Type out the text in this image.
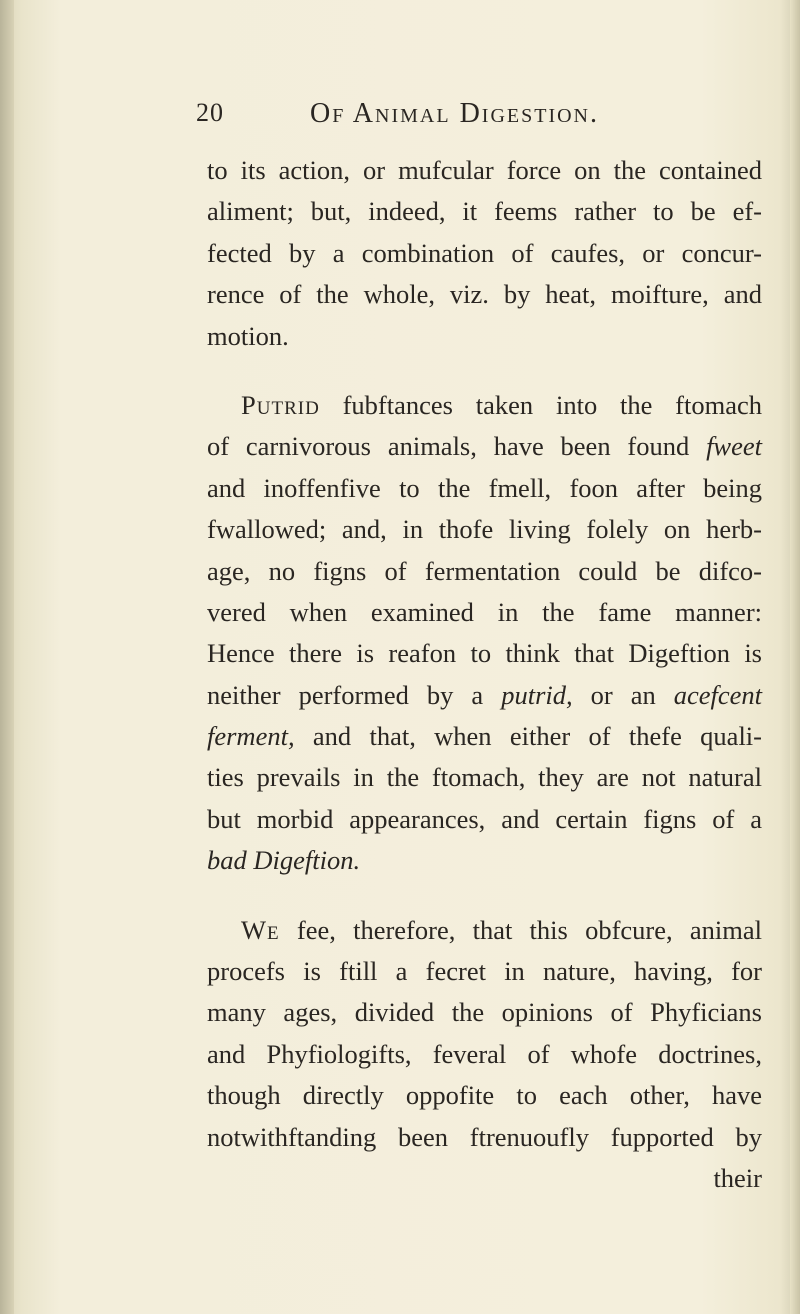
20	Of Animal Digestion.
to its action, or mufcular force on the contained
aliment; but, indeed, it feems rather to be ef-
fected by a combination of caufes, or concur-
rence of the whole, viz. by heat, moifture, and
motion.
Putrid fubftances taken into the ftomach
of carnivorous animals, have been found fweet
and inoffenfive to the fmell, foon after being
fwallowed; and, in thofe living folely on herb-
age, no figns of fermentation could be difco-
vered when examined in the fame manner:
Hence there is reafon to think that Digeftion is
neither performed by a putrid, or an acefcent
ferment, and that, when either of thefe quali-
ties prevails in the ftomach, they are not natural
but morbid appearances, and certain figns of a
bad Digeftion.
We fee, therefore, that this obfcure, animal
procefs is ftill a fecret in nature, having, for
many ages, divided the opinions of Phyficians
and Phyfiologifts, feveral of whofe doctrines,
though directly oppofite to each other, have
notwithftanding been ftrenuoufly fupported by
their
